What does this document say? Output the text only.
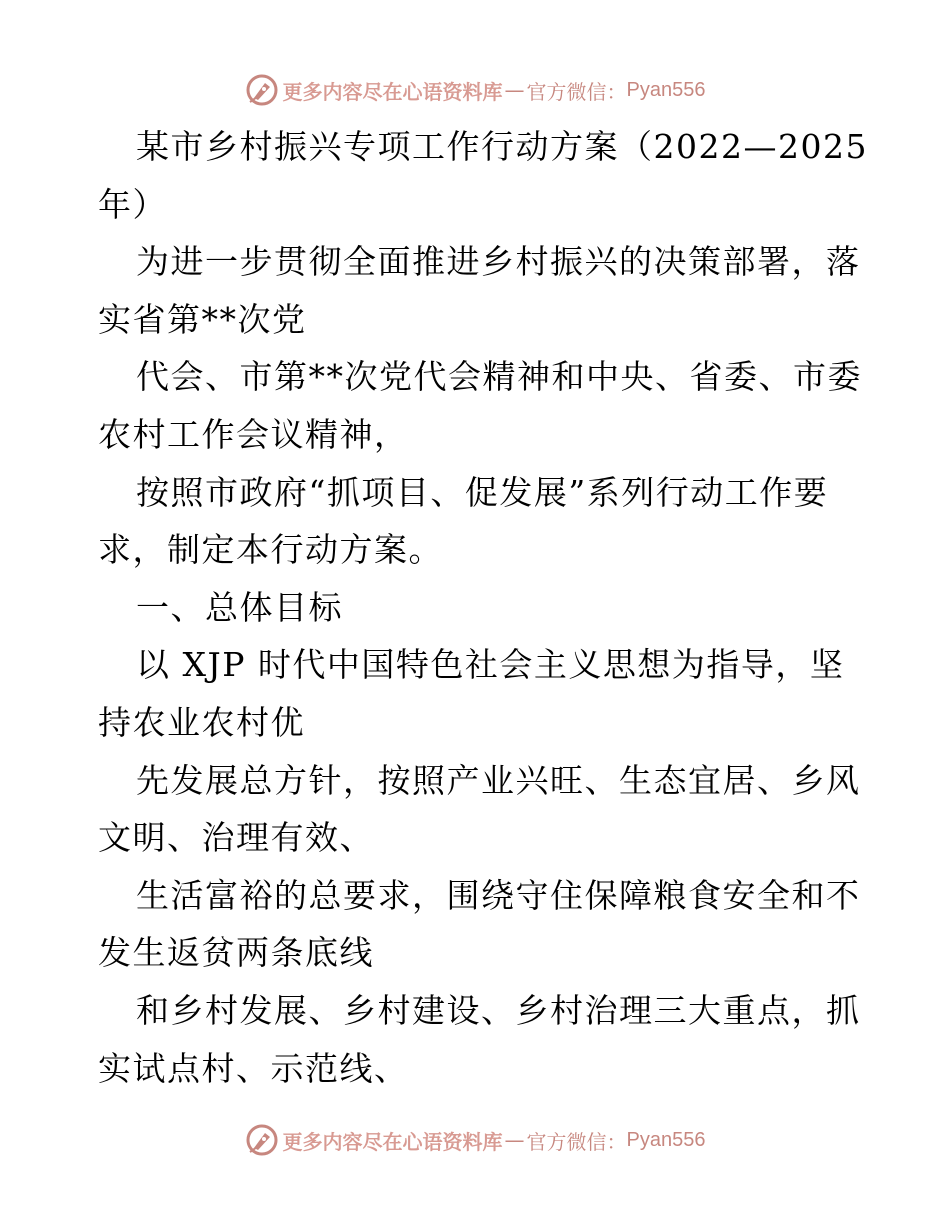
更多内容尽在心语资料库 — 官方微信： Pyan556
某市乡村振兴专项工作行动方案（2022—2025
年）
为进一步贯彻全面推进乡村振兴的决策部署，落
实省第**次党
代会、市第**次党代会精神和中央、省委、市委
农村工作会议精神，
按照市政府“抓项目、促发展”系列行动工作要
求，制定本行动方案。
一、总体目标
以 XJP 时代中国特色社会主义思想为指导，坚
持农业农村优
先发展总方针，按照产业兴旺、生态宜居、乡风
文明、治理有效、
生活富裕的总要求，围绕守住保障粮食安全和不
发生返贫两条底线
和乡村发展、乡村建设、乡村治理三大重点，抓
实试点村、示范线、
更多内容尽在心语资料库 — 官方微信： Pyan556
